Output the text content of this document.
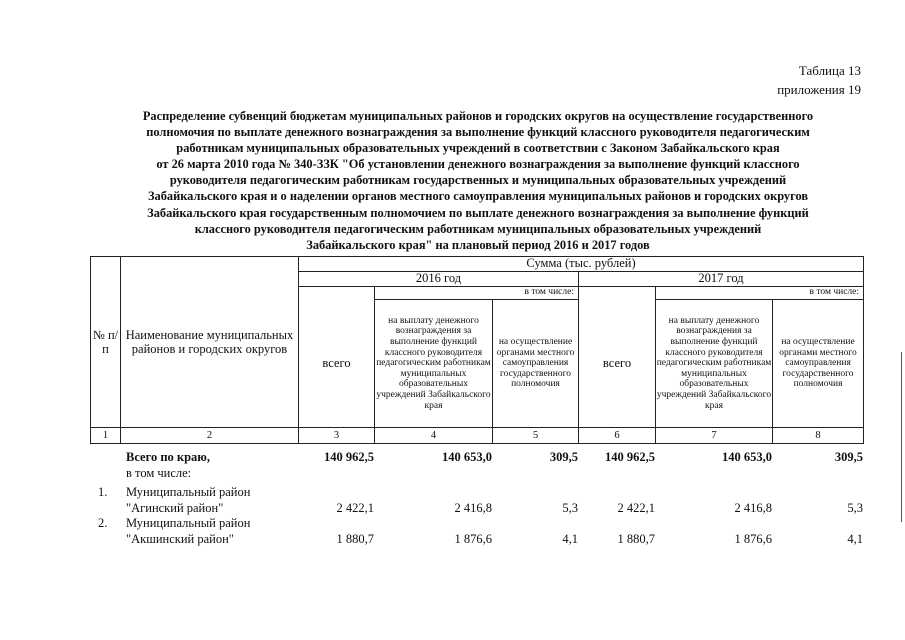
Таблица 13
приложения 19
Распределение субвенций бюджетам муниципальных районов и городских округов на осуществление государственного
полномочия по выплате денежного вознаграждения за выполнение функций классного руководителя педагогическим
работникам муниципальных образовательных учреждений в соответствии с Законом Забайкальского края
от 26 марта 2010 года № 340-ЗЗК "Об установлении денежного вознаграждения за выполнение функций классного
руководителя педагогическим работникам государственных и муниципальных образовательных учреждений
Забайкальского края и о наделении органов местного самоуправления муниципальных районов и городских округов
Забайкальского края государственным полномочием по выплате денежного вознаграждения за выполнение функций
классного руководителя педагогическим работникам муниципальных образовательных учреждений
Забайкальского края" на плановый период 2016 и 2017 годов
№ п/п	Наименование муниципальных районов и городских округов	Сумма (тыс. рублей)					
		2016 год			2017 год		
			в том числе:			в том числе:	
		всего	на выплату денежного вознаграждения за выполнение функций классного руководителя педагогическим работникам муниципальных образовательных учреждений Забайкальского края	на осуществление органами местного самоуправления государственного полномочия	всего	на выплату денежного вознаграждения за выполнение функций классного руководителя педагогическим работникам муниципальных образовательных учреждений Забайкальского края	на осуществление органами местного самоуправления государственного полномочия
1	2	3	4	5	6	7	8
	Всего по краю,	140 962,5	140 653,0	309,5	140 962,5	140 653,0	309,5
	в том числе:						

1.	Муниципальный район						
	"Агинский район"	2 422,1	2 416,8	5,3	2 422,1	2 416,8	5,3
2.	Муниципальный район						
	"Акшинский район"	1 880,7	1 876,6	4,1	1 880,7	1 876,6	4,1
